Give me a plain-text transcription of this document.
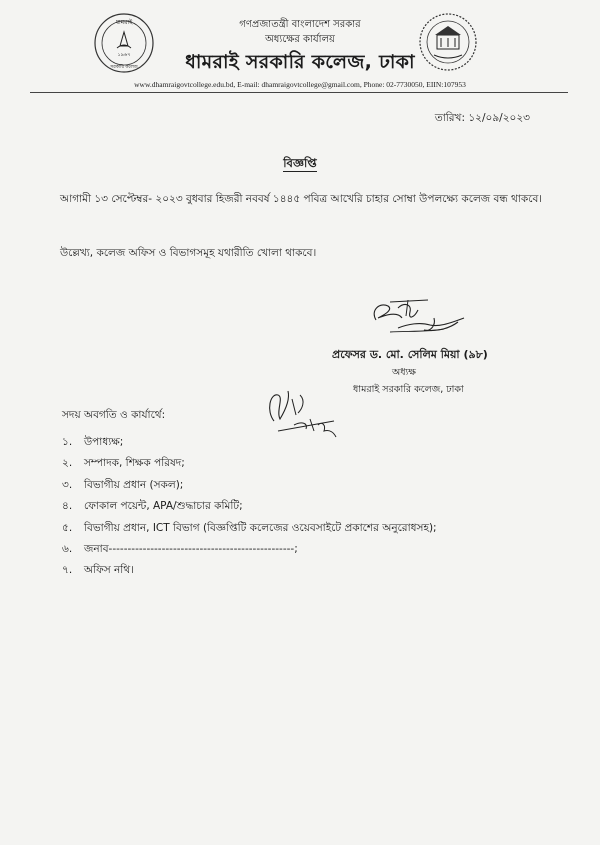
ধামরাই
১৯৬৭
সরকারি কলেজ
গণপ্রজাতন্ত্রী বাংলাদেশ সরকার
অধ্যক্ষের কার্যালয়
ধামরাই সরকারি কলেজ, ঢাকা
www.dhamraigovtcollege.edu.bd, E-mail: dhamraigovtcollege@gmail.com, Phone: 02-7730050, EIIN:107953
তারিখ: ১২/০৯/২০২৩
বিজ্ঞপ্তি
আগামী ১৩ সেপ্টেম্বর- ২০২৩ বুধবার হিজরী নববর্ষ ১৪৪৫ পবিত্র আখেরি চাহার সোম্বা উপলক্ষ্যে কলেজ বন্ধ থাকবে।
উল্লেখ্য, কলেজ অফিস ও বিভাগসমূহ যথারীতি খোলা থাকবে।
প্রফেসর ড. মো. সেলিম মিয়া (৯৮)
অধ্যক্ষ
ধামরাই সরকারি কলেজ, ঢাকা
সদয় অবগতি ও কার্যার্থে:
১. উপাধ্যক্ষ;
২. সম্পাদক, শিক্ষক পরিষদ;
৩. বিভাগীয় প্রধান (সকল);
৪. ফোকাল পয়েন্ট, APA/শুদ্ধাচার কমিটি;
৫. বিভাগীয় প্রধান, ICT বিভাগ (বিজ্ঞপ্তিটি কলেজের ওয়েবসাইটে প্রকাশের অনুরোধসহ);
৬. জনাব-------------------------------------------------;
৭. অফিস নথি।
